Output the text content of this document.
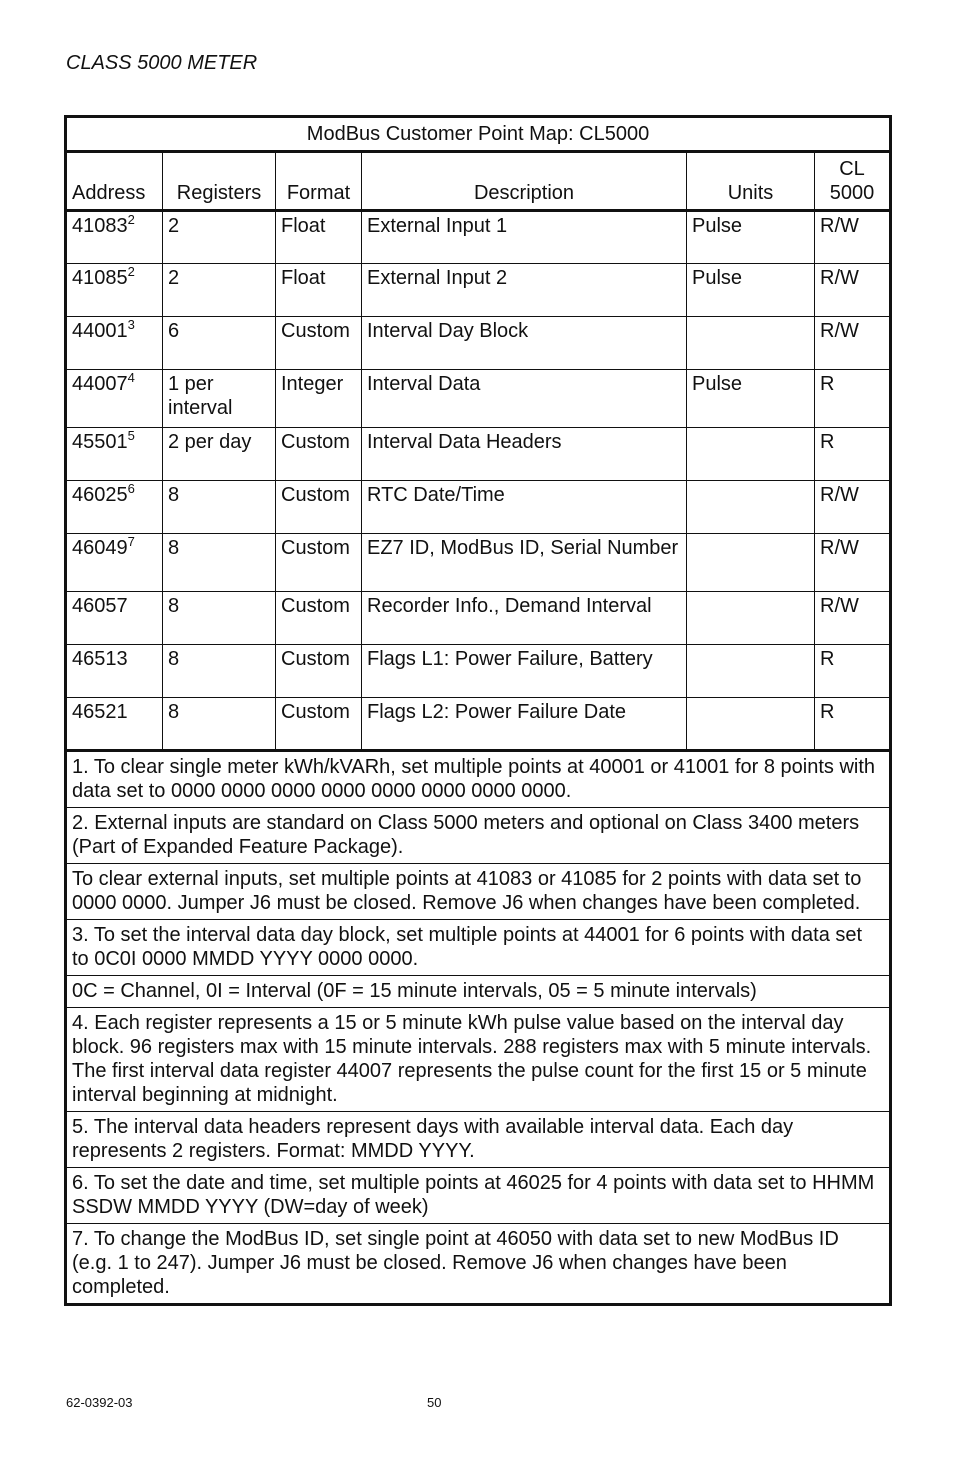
CLASS 5000 METER
ModBus Customer Point Map: CL5000					
Address	Registers	Format	Description	Units	CL 5000
41083$^2$	2	Float	External Input 1	Pulse	R/W
41085$^2$	2	Float	External Input 2	Pulse	R/W
44001$^3$	6	Custom	Interval Day Block		R/W
44007$^4$	1 per interval	Integer	Interval Data	Pulse	R
45501$^5$	2 per day	Custom	Interval Data Headers		R
46025$^6$	8	Custom	RTC Date/Time		R/W
46049$^7$	8	Custom	EZ7 ID, ModBus ID, Serial Number		R/W
46057	8	Custom	Recorder Info., Demand Interval		R/W
46513	8	Custom	Flags L1: Power Failure, Battery		R
46521	8	Custom	Flags L2: Power Failure Date		R
1. To clear single meter kWh/kVARh, set multiple points at 40001 or 41001 for 8 points with data set to 0000 0000 0000 0000 0000 0000 0000 0000.					
2. External inputs are standard on Class 5000 meters and optional on Class 3400 meters (Part of Expanded Feature Package).					
To clear external inputs, set multiple points at 41083 or 41085 for 2 points with data set to 0000 0000. Jumper J6 must be closed. Remove J6 when changes have been completed.					
3. To set the interval data day block, set multiple points at 44001 for 6 points with data set to 0C0I 0000 MMDD YYYY 0000 0000.					
0C = Channel, 0I = Interval (0F = 15 minute intervals, 05 = 5 minute intervals)					
4. Each register represents a 15 or 5 minute kWh pulse value based on the interval day block. 96 registers max with 15 minute intervals. 288 registers max with 5 minute intervals. The first interval data register 44007 represents the pulse count for the first 15 or 5 minute interval beginning at midnight.					
5. The interval data headers represent days with available interval data. Each day represents 2 registers. Format: MMDD YYYY.					
6. To set the date and time, set multiple points at 46025 for 4 points with data set to HHMM SSDW MMDD YYYY (DW=day of week)					
7. To change the ModBus ID, set single point at 46050 with data set to new ModBus ID (e.g. 1 to 247). Jumper J6 must be closed. Remove J6 when changes have been completed.					
62-0392-03	50
